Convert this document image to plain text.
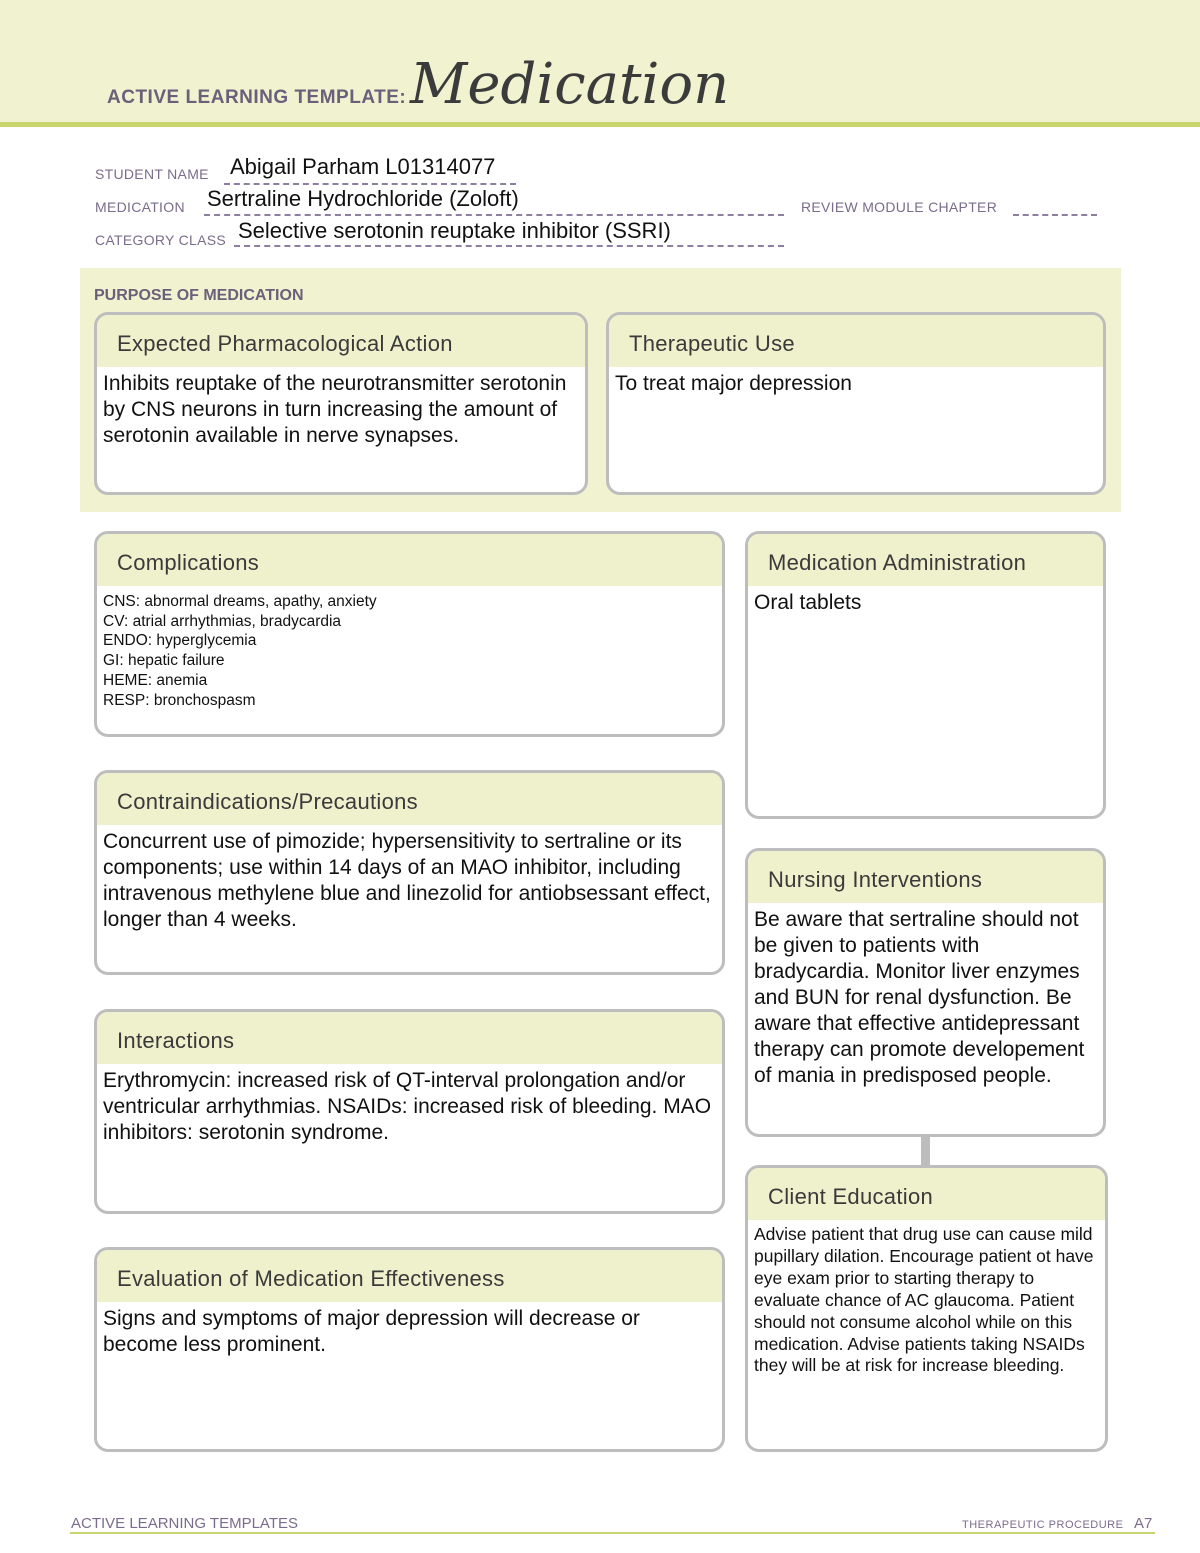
ACTIVE LEARNING TEMPLATE: Medication
STUDENT NAME Abigail Parham L01314077
MEDICATION Sertraline Hydrochloride (Zoloft)	REVIEW MODULE CHAPTER
CATEGORY CLASS Selective serotonin reuptake inhibitor (SSRI)
PURPOSE OF MEDICATION
Expected Pharmacological Action
Inhibits reuptake of the neurotransmitter serotonin by CNS neurons in turn increasing the amount of serotonin available in nerve synapses.
Therapeutic Use
To treat major depression
Complications
CNS: abnormal dreams, apathy, anxiety
CV: atrial arrhythmias, bradycardia
ENDO: hyperglycemia
GI: hepatic failure
HEME: anemia
RESP: bronchospasm
Medication Administration
Oral tablets
Contraindications/Precautions
Concurrent use of pimozide; hypersensitivity to sertraline or its components; use within 14 days of an MAO inhibitor, including intravenous methylene blue and linezolid for antiobsessant effect, longer than 4 weeks.
Nursing Interventions
Be aware that sertraline should not be given to patients with bradycardia. Monitor liver enzymes and BUN for renal dysfunction. Be aware that effective antidepressant therapy can promote developement of mania in predisposed people.
Interactions
Erythromycin: increased risk of QT-interval prolongation and/or ventricular arrhythmias. NSAIDs: increased risk of bleeding. MAO inhibitors: serotonin syndrome.
Client Education
Advise patient that drug use can cause mild pupillary dilation. Encourage patient ot have eye exam prior to starting therapy to evaluate chance of AC glaucoma. Patient should not consume alcohol while on this medication. Advise patients taking NSAIDs they will be at risk for increase bleeding.
Evaluation of Medication Effectiveness
Signs and symptoms of major depression will decrease or become less prominent.
ACTIVE LEARNING TEMPLATES	THERAPEUTIC PROCEDURE A7
